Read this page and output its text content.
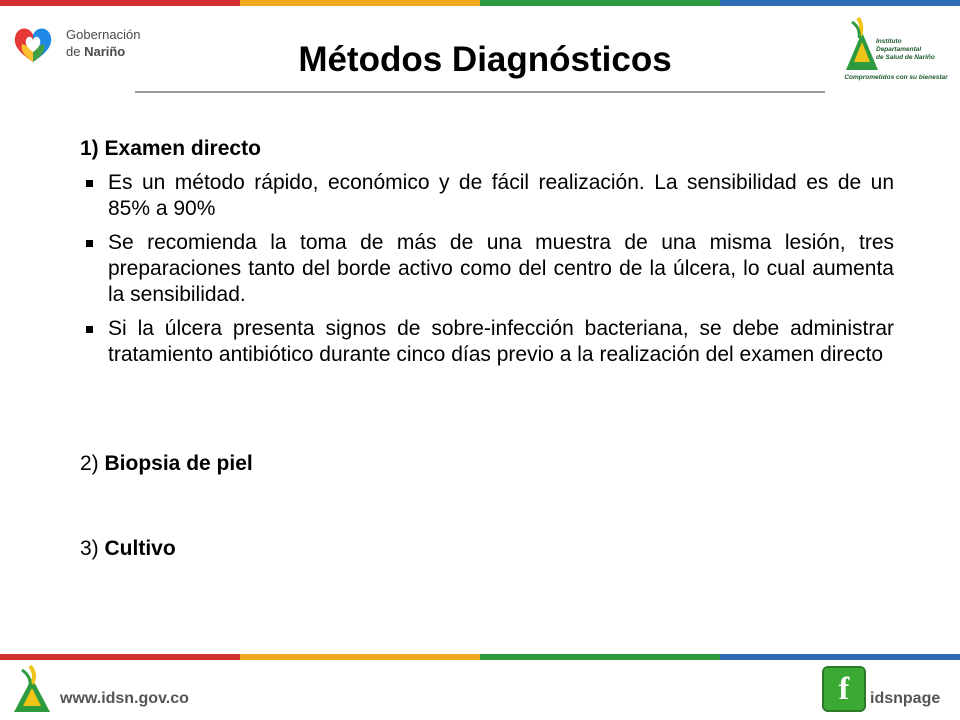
Gobernación
de Nariño
Instituto
Departamental
de Salud de Nariño
Comprometidos con su bienestar
Métodos Diagnósticos
1) Examen directo
Es un método rápido, económico y de fácil realización. La sensibilidad es de un 85% a 90%
Se recomienda la toma de más de una muestra de una misma lesión, tres preparaciones tanto del borde activo como del centro de la úlcera, lo cual aumenta la sensibilidad.
Si la úlcera presenta signos de sobre-infección bacteriana, se debe administrar tratamiento antibiótico durante cinco días previo a la realización del examen directo
2) Biopsia de piel
3) Cultivo
www.idsn.gov.co	f	idsnpage
